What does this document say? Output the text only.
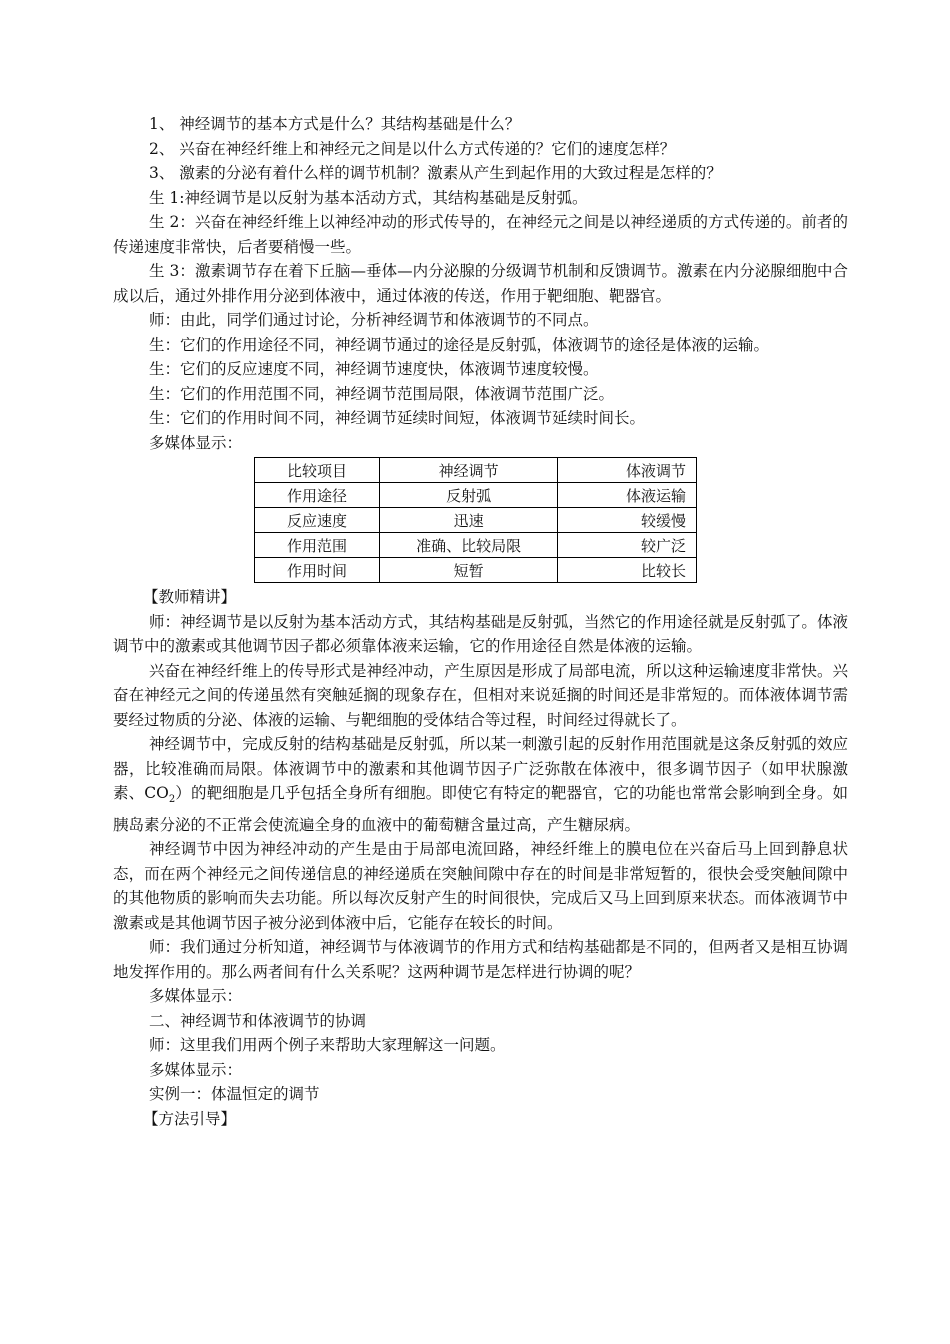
1、 神经调节的基本方式是什么？其结构基础是什么？

2、 兴奋在神经纤维上和神经元之间是以什么方式传递的？它们的速度怎样？

3、 激素的分泌有着什么样的调节机制？激素从产生到起作用的大致过程是怎样的？

生 1:神经调节是以反射为基本活动方式，其结构基础是反射弧。

生 2：兴奋在神经纤维上以神经冲动的形式传导的，在神经元之间是以神经递质的方式传递的。前者的传递速度非常快，后者要稍慢一些。

生 3：激素调节存在着下丘脑—垂体—内分泌腺的分级调节机制和反馈调节。激素在内分泌腺细胞中合成以后，通过外排作用分泌到体液中，通过体液的传送，作用于靶细胞、靶器官。

师：由此，同学们通过讨论，分析神经调节和体液调节的不同点。

生：它们的作用途径不同，神经调节通过的途径是反射弧，体液调节的途径是体液的运输。

生：它们的反应速度不同，神经调节速度快，体液调节速度较慢。

生：它们的作用范围不同，神经调节范围局限，体液调节范围广泛。

生：它们的作用时间不同，神经调节延续时间短，体液调节延续时间长。

多媒体显示：

比较项目	神经调节	体液调节
作用途径	反射弧	体液运输
反应速度	迅速	较缓慢
作用范围	准确、比较局限	较广泛
作用时间	短暂	比较长

【教师精讲】

师：神经调节是以反射为基本活动方式，其结构基础是反射弧，当然它的作用途径就是反射弧了。体液调节中的激素或其他调节因子都必须靠体液来运输，它的作用途径自然是体液的运输。

兴奋在神经纤维上的传导形式是神经冲动，产生原因是形成了局部电流，所以这种运输速度非常快。兴奋在神经元之间的传递虽然有突触延搁的现象存在，但相对来说延搁的时间还是非常短的。而体液体调节需要经过物质的分泌、体液的运输、与靶细胞的受体结合等过程，时间经过得就长了。

神经调节中，完成反射的结构基础是反射弧，所以某一刺激引起的反射作用范围就是这条反射弧的效应器，比较准确而局限。体液调节中的激素和其他调节因子广泛弥散在体液中，很多调节因子（如甲状腺激素、$CO_2$）的靶细胞是几乎包括全身所有细胞。即使它有特定的靶器官，它的功能也常常会影响到全身。如胰岛素分泌的不正常会使流遍全身的血液中的葡萄糖含量过高，产生糖尿病。

神经调节中因为神经冲动的产生是由于局部电流回路，神经纤维上的膜电位在兴奋后马上回到静息状态，而在两个神经元之间传递信息的神经递质在突触间隙中存在的时间是非常短暂的，很快会受突触间隙中的其他物质的影响而失去功能。所以每次反射产生的时间很快，完成后又马上回到原来状态。而体液调节中激素或是其他调节因子被分泌到体液中后，它能存在较长的时间。

师：我们通过分析知道，神经调节与体液调节的作用方式和结构基础都是不同的，但两者又是相互协调地发挥作用的。那么两者间有什么关系呢？这两种调节是怎样进行协调的呢？

多媒体显示：

二、神经调节和体液调节的协调

师：这里我们用两个例子来帮助大家理解这一问题。

多媒体显示：

实例一：体温恒定的调节

【方法引导】
